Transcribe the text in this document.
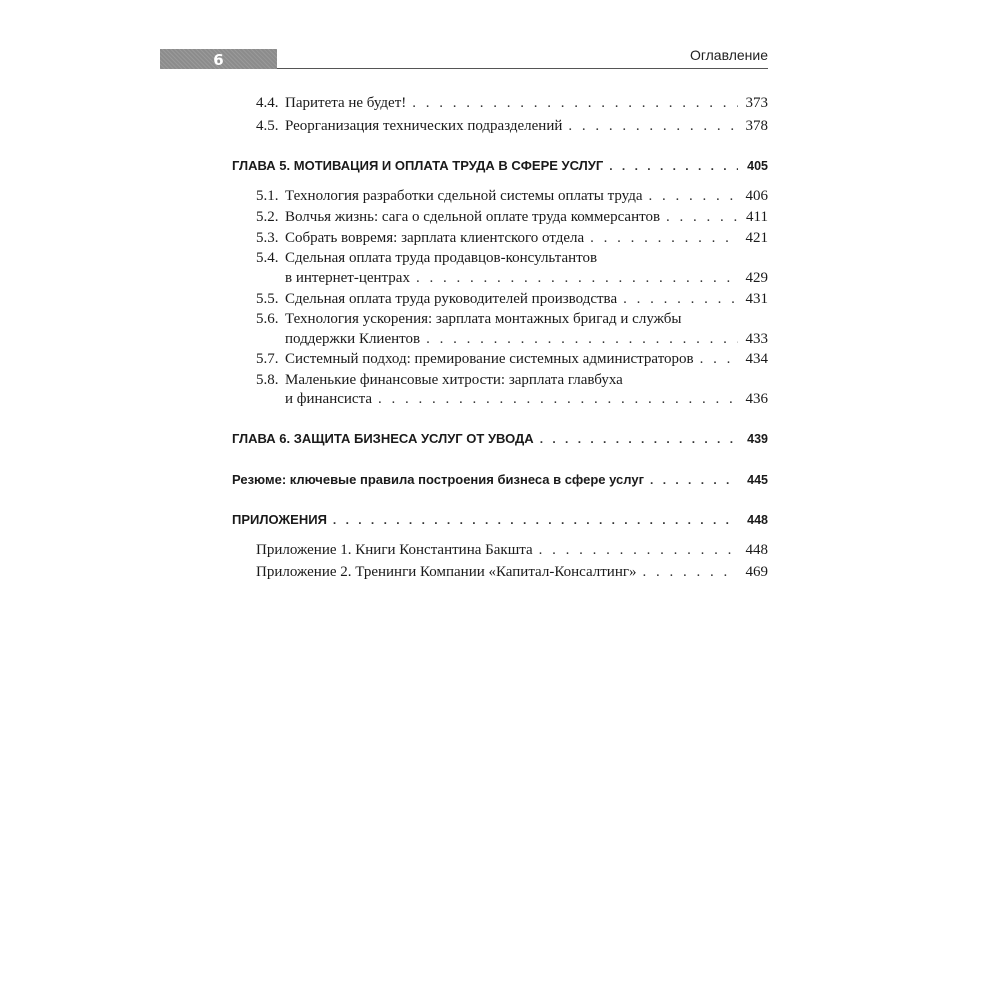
6	Оглавление
4.4. Паритета не будет! . . .	373
4.5. Реорганизация технических подразделений . . .	378
ГЛАВА 5. МОТИВАЦИЯ И ОПЛАТА ТРУДА В СФЕРЕ УСЛУГ . . .	405
5.1. Технология разработки сдельной системы оплаты труда . . .	406
5.2. Волчья жизнь: сага о сдельной оплате труда коммерсантов . . .	411
5.3. Собрать вовремя: зарплата клиентского отдела . . .	421
5.4. Сдельная оплата труда продавцов-консультантов
в интернет-центрах . . .	429
5.5. Сдельная оплата труда руководителей производства . . .	431
5.6. Технология ускорения: зарплата монтажных бригад и службы
поддержки Клиентов . . .	433
5.7. Системный подход: премирование системных администраторов . . .	434
5.8. Маленькие финансовые хитрости: зарплата главбуха
и финансиста . . .	436
ГЛАВА 6. ЗАЩИТА БИЗНЕСА УСЛУГ ОТ УВОДА . . .	439
Резюме: ключевые правила построения бизнеса в сфере услуг . . .	445
ПРИЛОЖЕНИЯ . . .	448
Приложение 1. Книги Константина Бакшта . . .	448
Приложение 2. Тренинги Компании «Капитал-Консалтинг» . . .	469
